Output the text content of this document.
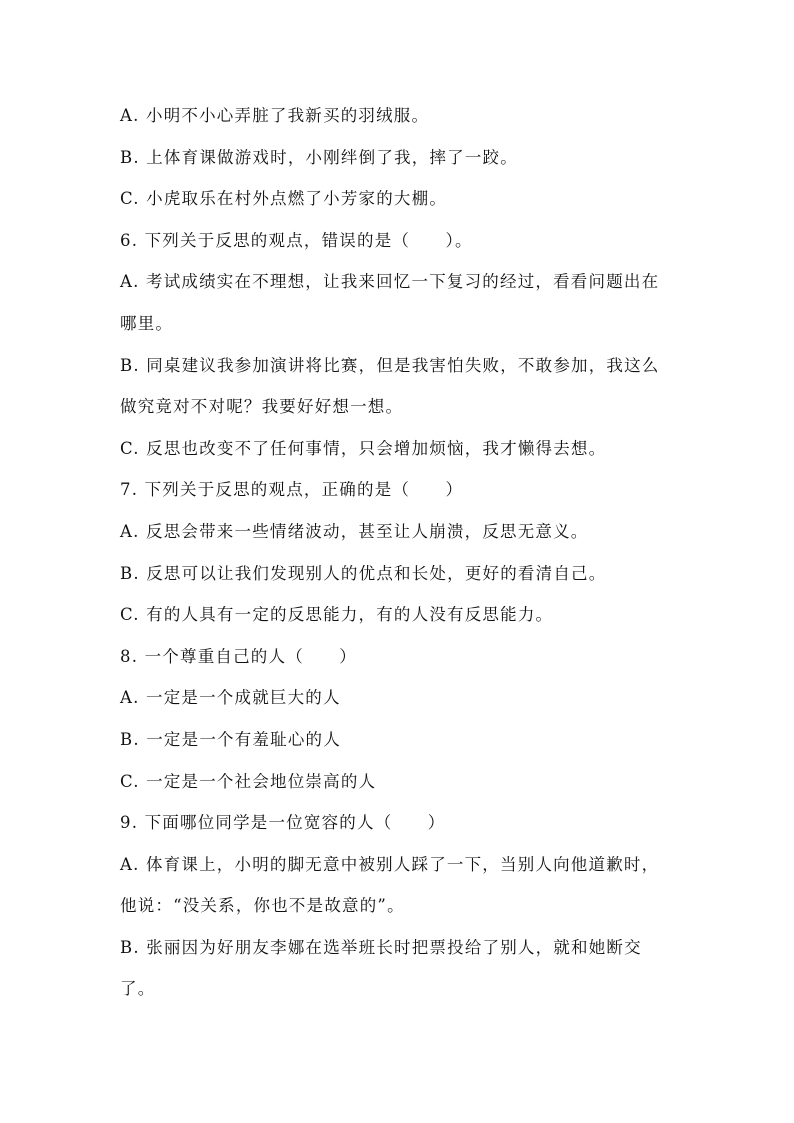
A. 小明不小心弄脏了我新买的羽绒服。
B. 上体育课做游戏时，小刚绊倒了我，摔了一跤。
C. 小虎取乐在村外点燃了小芳家的大棚。
6. 下列关于反思的观点，错误的是（　　）。
A. 考试成绩实在不理想，让我来回忆一下复习的经过，看看问题出在
哪里。
B. 同桌建议我参加演讲将比赛，但是我害怕失败，不敢参加，我这么
做究竟对不对呢？我要好好想一想。
C. 反思也改变不了任何事情，只会增加烦恼，我才懒得去想。
7. 下列关于反思的观点，正确的是（　　）
A. 反思会带来一些情绪波动，甚至让人崩溃，反思无意义。
B. 反思可以让我们发现别人的优点和长处，更好的看清自己。
C. 有的人具有一定的反思能力，有的人没有反思能力。
8. 一个尊重自己的人（　　）
A. 一定是一个成就巨大的人
B. 一定是一个有羞耻心的人
C. 一定是一个社会地位崇高的人
9. 下面哪位同学是一位宽容的人（　　）
A. 体育课上，小明的脚无意中被别人踩了一下，当别人向他道歉时，
他说：“没关系，你也不是故意的”。
B. 张丽因为好朋友李娜在选举班长时把票投给了别人，就和她断交
了。
